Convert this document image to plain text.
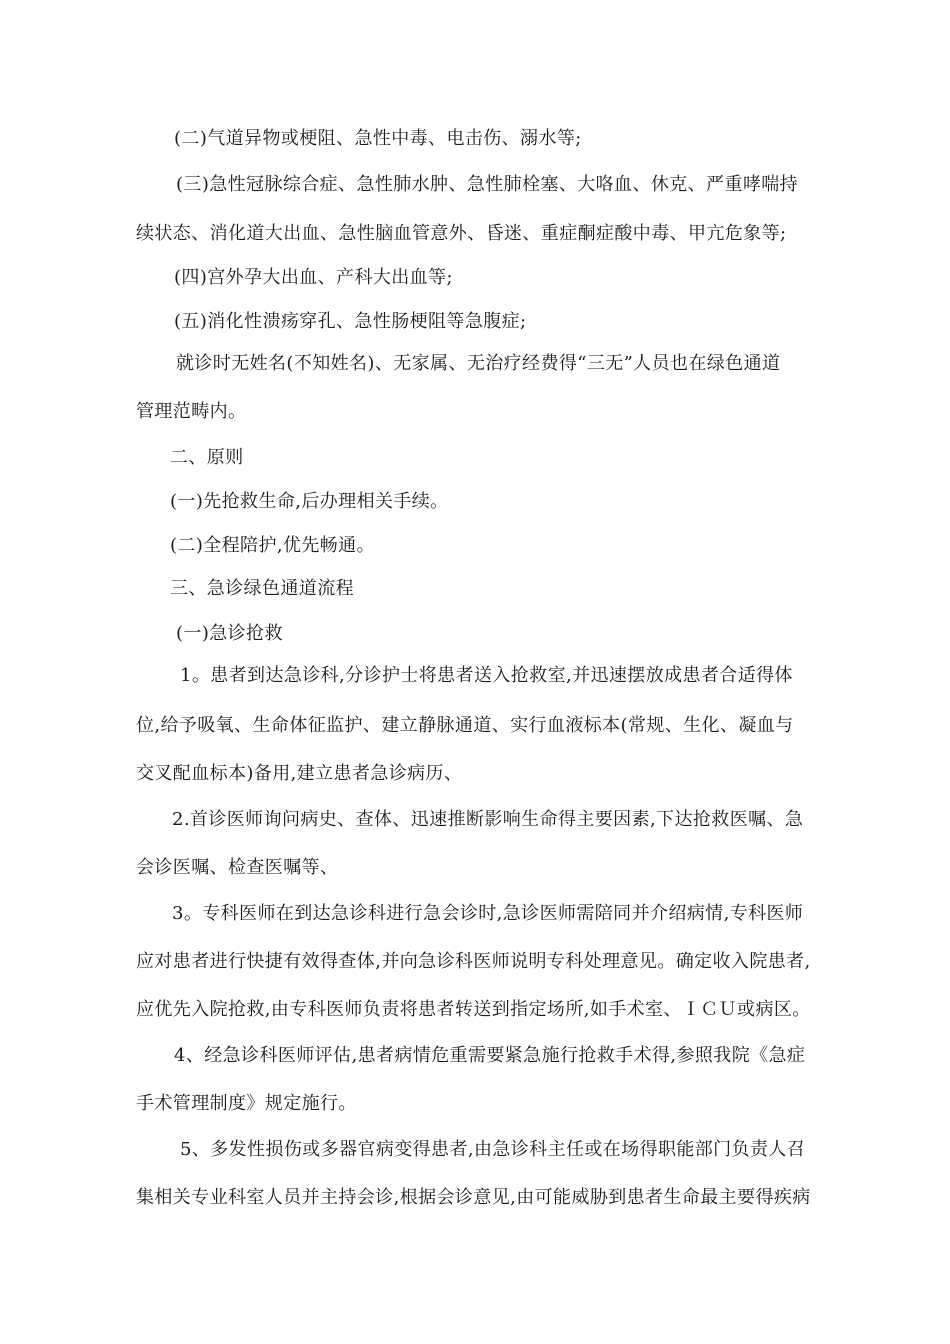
(二)气道异物或梗阻、急性中毒、电击伤、溺水等;
(三)急性冠脉综合症、急性肺水肿、急性肺栓塞、大咯血、休克、严重哮喘持
续状态、消化道大出血、急性脑血管意外、昏迷、重症酮症酸中毒、甲亢危象等;
(四)宫外孕大出血、产科大出血等;
(五)消化性溃疡穿孔、急性肠梗阻等急腹症;
就诊时无姓名(不知姓名)、无家属、无治疗经费得“三无”人员也在绿色通道
管理范畴内。
二、原则
(一)先抢救生命,后办理相关手续。
(二)全程陪护,优先畅通。
三、急诊绿色通道流程
(一)急诊抢救
1。患者到达急诊科,分诊护士将患者送入抢救室,并迅速摆放成患者合适得体
位,给予吸氧、生命体征监护、建立静脉通道、实行血液标本(常规、生化、凝血与
交叉配血标本)备用,建立患者急诊病历、
2.首诊医师询问病史、查体、迅速推断影响生命得主要因素,下达抢救医嘱、急
会诊医嘱、检查医嘱等、
3。专科医师在到达急诊科进行急会诊时,急诊医师需陪同并介绍病情,专科医师
应对患者进行快捷有效得查体,并向急诊科医师说明专科处理意见。确定收入院患者,
应优先入院抢救,由专科医师负责将患者转送到指定场所,如手术室、ＩＣＵ或病区。
4、经急诊科医师评估,患者病情危重需要紧急施行抢救手术得,参照我院《急症
手术管理制度》规定施行。
5、多发性损伤或多器官病变得患者,由急诊科主任或在场得职能部门负责人召
集相关专业科室人员并主持会诊,根据会诊意见,由可能威胁到患者生命最主要得疾病
